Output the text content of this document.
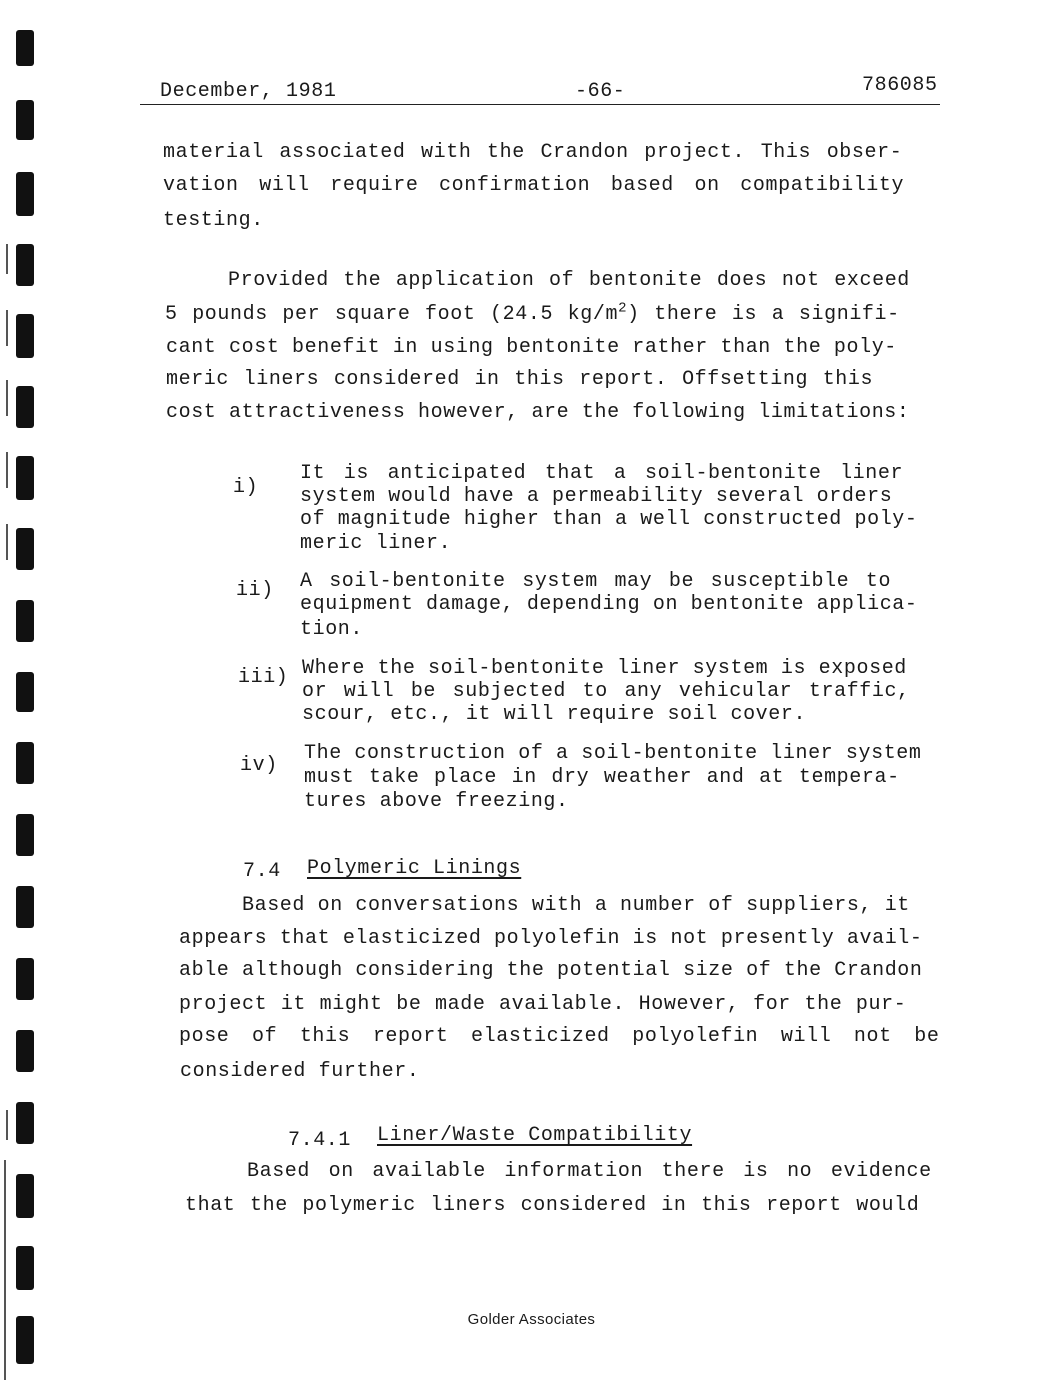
December, 1981	-66-	786085
material associated with the Crandon project. This obser-
vation will require confirmation based on compatibility
testing.
Provided the application of bentonite does not exceed
5 pounds per square foot (24.5 $kg/m^2$) there is a signifi-
cant cost benefit in using bentonite rather than the poly-
meric liners considered in this report. Offsetting this
cost attractiveness however, are the following limitations:
i)
It is anticipated that a soil-bentonite liner
system would have a permeability several orders
of magnitude higher than a well constructed poly-
meric liner.
ii) A soil-bentonite system may be susceptible to
equipment damage, depending on bentonite applica-
tion.
iii) Where the soil-bentonite liner system is exposed
or will be subjected to any vehicular traffic,
scour, etc., it will require soil cover.
iv)
The construction of a soil-bentonite liner system
must take place in dry weather and at tempera-
tures above freezing.
7.4 Polymeric Linings
Based on conversations with a number of suppliers, it
appears that elasticized polyolefin is not presently avail-
able although considering the potential size of the Crandon
project it might be made available. However, for the pur-
pose of this report elasticized polyolefin will not be
considered further.
7.4.1 Liner/Waste Compatibility
Based on available information there is no evidence
that the polymeric liners considered in this report would
Golder Associates
